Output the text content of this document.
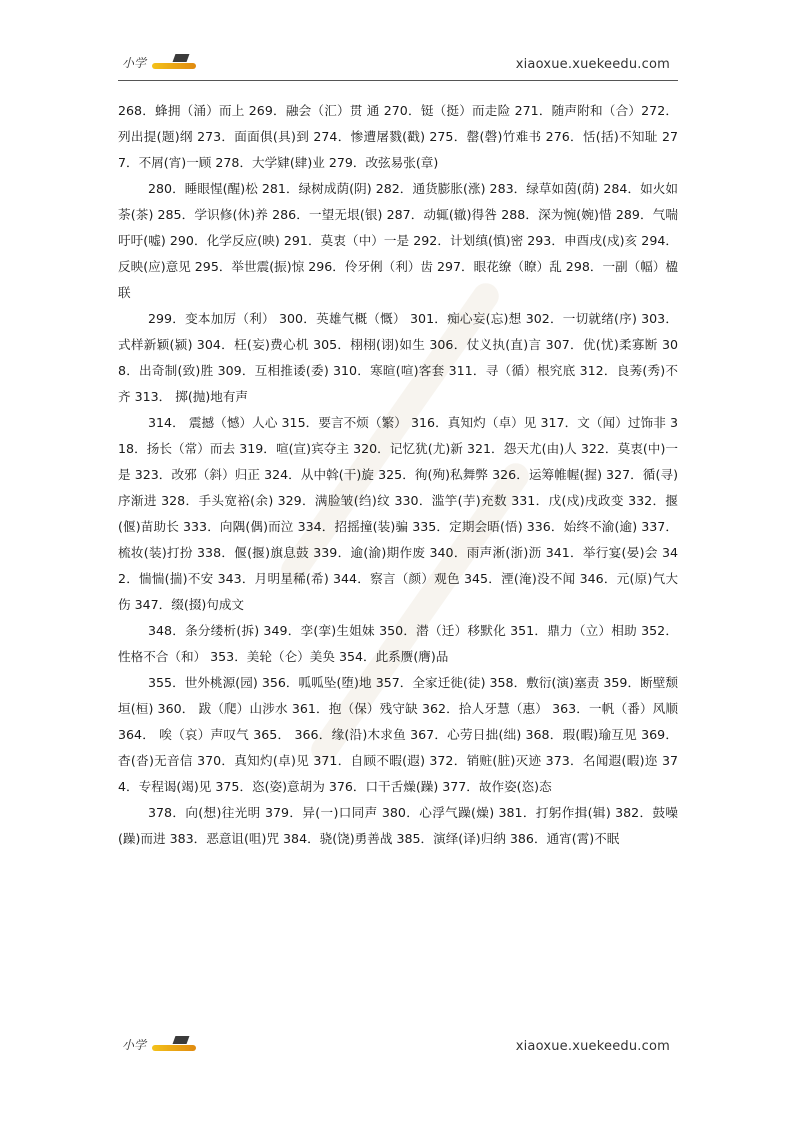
小学	xiaoxue.xuekeedu.com

268．蜂拥（涌）而上 269．融会（汇）贯 通 270．铤（挺）而走险 271．随声附和（合）272．列出提(题)纲 273．面面俱(具)到 274．惨遭屠戮(戳) 275．罄(磬)竹难书 276．恬(括)不知耻 277．不屑(宵)一顾 278．大学肄(肆)业 279．改弦易张(章)

280．睡眼惺(醒)松 281．绿树成荫(阴) 282．通货膨胀(涨) 283．绿草如茵(荫) 284．如火如荼(茶) 285．学识修(休)养 286．一望无垠(银) 287．动辄(辙)得咎 288．深为惋(婉)惜 289．气喘吁吁(嘘) 290．化学反应(映) 291．莫衷（中）一是 292．计划缜(慎)密 293．申酉戌(戍)亥 294．反映(应)意见 295．举世震(振)惊 296．伶牙俐（利）齿 297．眼花缭（瞭）乱 298．一副（幅）楹联

299．变本加厉（利） 300．英雄气概（慨） 301．痴心妄(忘)想 302．一切就绪(序) 303．式样新颖(颍) 304．枉(妄)费心机 305．栩栩(诩)如生 306．仗义执(直)言 307．优(忧)柔寡断 308．出奇制(致)胜 309．互相推诿(委) 310．寒暄(喧)客套 311．寻（循）根究底 312．良莠(秀)不齐 313． 掷(抛)地有声

314． 震撼（憾）人心 315．要言不烦（繁） 316．真知灼（卓）见 317．文（闻）过饰非 318．扬长（常）而去 319．喧(宣)宾夺主 320．记忆犹(尤)新 321．怨天尤(由)人 322．莫衷(中)一是 323．改邪（斜）归正 324．从中斡(干)旋 325．徇(殉)私舞弊 326．运筹帷幄(握) 327．循(寻)序渐进 328．手头宽裕(余) 329．满脸皱(绉)纹 330．滥竽(芋)充数 331．戊(戍)戌政变 332．揠(偃)苗助长 333．向隅(偶)而泣 334．招摇撞(装)骗 335．定期会晤(悟) 336．始终不渝(逾) 337．梳妆(装)打扮 338．偃(揠)旗息鼓 339．逾(渝)期作废 340．雨声淅(浙)沥 341．举行宴(晏)会 342．惴惴(揣)不安 343．月明星稀(希) 344．察言（颜）观色 345．湮(淹)没不闻 346．元(原)气大伤 347．缀(掇)句成文

348．条分缕析(拆) 349．孪(挛)生姐妹 350．潜（迁）移默化 351．鼎力（立）相助 352．性格不合（和） 353．美轮（仑）美奂 354．此系赝(膺)品

355．世外桃源(园) 356．呱呱坠(堕)地 357．全家迁徙(徒) 358．敷衍(演)塞责 359．断壁颓垣(桓) 360． 跋（爬）山涉水 361．抱（保）残守缺 362．拾人牙慧（惠） 363．一帆（番）风顺 364． 唉（哀）声叹气 365． 366．缘(沿)木求鱼 367．心劳日拙(绌) 368．瑕(暇)瑜互见 369．杳(沓)无音信 370．真知灼(卓)见 371．自顾不暇(遐) 372．销赃(脏)灭迹 373．名闻遐(暇)迩 374．专程谒(竭)见 375．恣(姿)意胡为 376．口干舌燥(躁) 377．故作姿(恣)态

378．向(想)往光明 379．异(一)口同声 380．心浮气躁(燥) 381．打躬作揖(辑) 382．鼓噪(躁)而进 383．恶意诅(咀)咒 384．骁(饶)勇善战 385．演绎(译)归纳 386．通宵(霄)不眠

小学	xiaoxue.xuekeedu.com
